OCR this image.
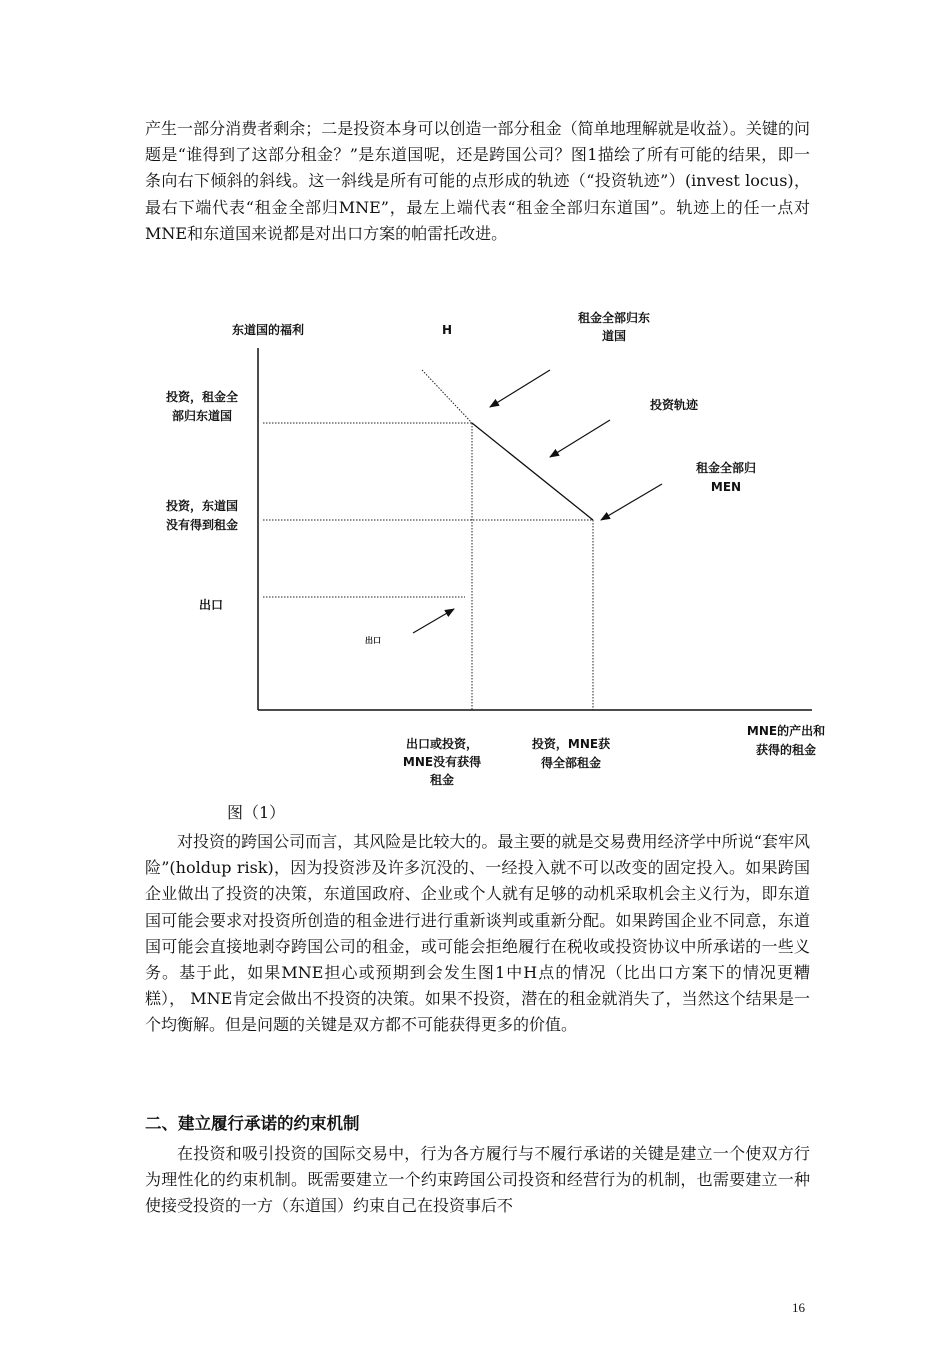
产生一部分消费者剩余；二是投资本身可以创造一部分租金（简单地理解就是收益）。关键的问题是“谁得到了这部分租金？”是东道国呢，还是跨国公司？图1描绘了所有可能的结果，即一条向右下倾斜的斜线。这一斜线是所有可能的点形成的轨迹（“投资轨迹”）(invest locus)，最右下端代表“租金全部归MNE”，最左上端代表“租金全部归东道国”。轨迹上的任一点对MNE和东道国来说都是对出口方案的帕雷托改进。

东道国的福利	H
租金全部归东
道国
投资轨迹
租金全部归
MEN
投资，租金全
部归东道国
投资，东道国
没有得到租金
出口
出口
出口或投资，
MNE没有获得
租金
投资，MNE获
得全部租金
MNE的产出和
获得的租金

图（1）

对投资的跨国公司而言，其风险是比较大的。最主要的就是交易费用经济学中所说“套牢风险”(holdup risk)，因为投资涉及许多沉没的、一经投入就不可以改变的固定投入。如果跨国企业做出了投资的决策，东道国政府、企业或个人就有足够的动机采取机会主义行为，即东道国可能会要求对投资所创造的租金进行进行重新谈判或重新分配。如果跨国企业不同意，东道国可能会直接地剥夺跨国公司的租金，或可能会拒绝履行在税收或投资协议中所承诺的一些义务。基于此，如果MNE担心或预期到会发生图1中H点的情况（比出口方案下的情况更糟糕）， MNE肯定会做出不投资的决策。如果不投资，潜在的租金就消失了，当然这个结果是一个均衡解。但是问题的关键是双方都不可能获得更多的价值。

二、建立履行承诺的约束机制

在投资和吸引投资的国际交易中，行为各方履行与不履行承诺的关键是建立一个使双方行为理性化的约束机制。既需要建立一个约束跨国公司投资和经营行为的机制，也需要建立一种使接受投资的一方（东道国）约束自己在投资事后不

16
